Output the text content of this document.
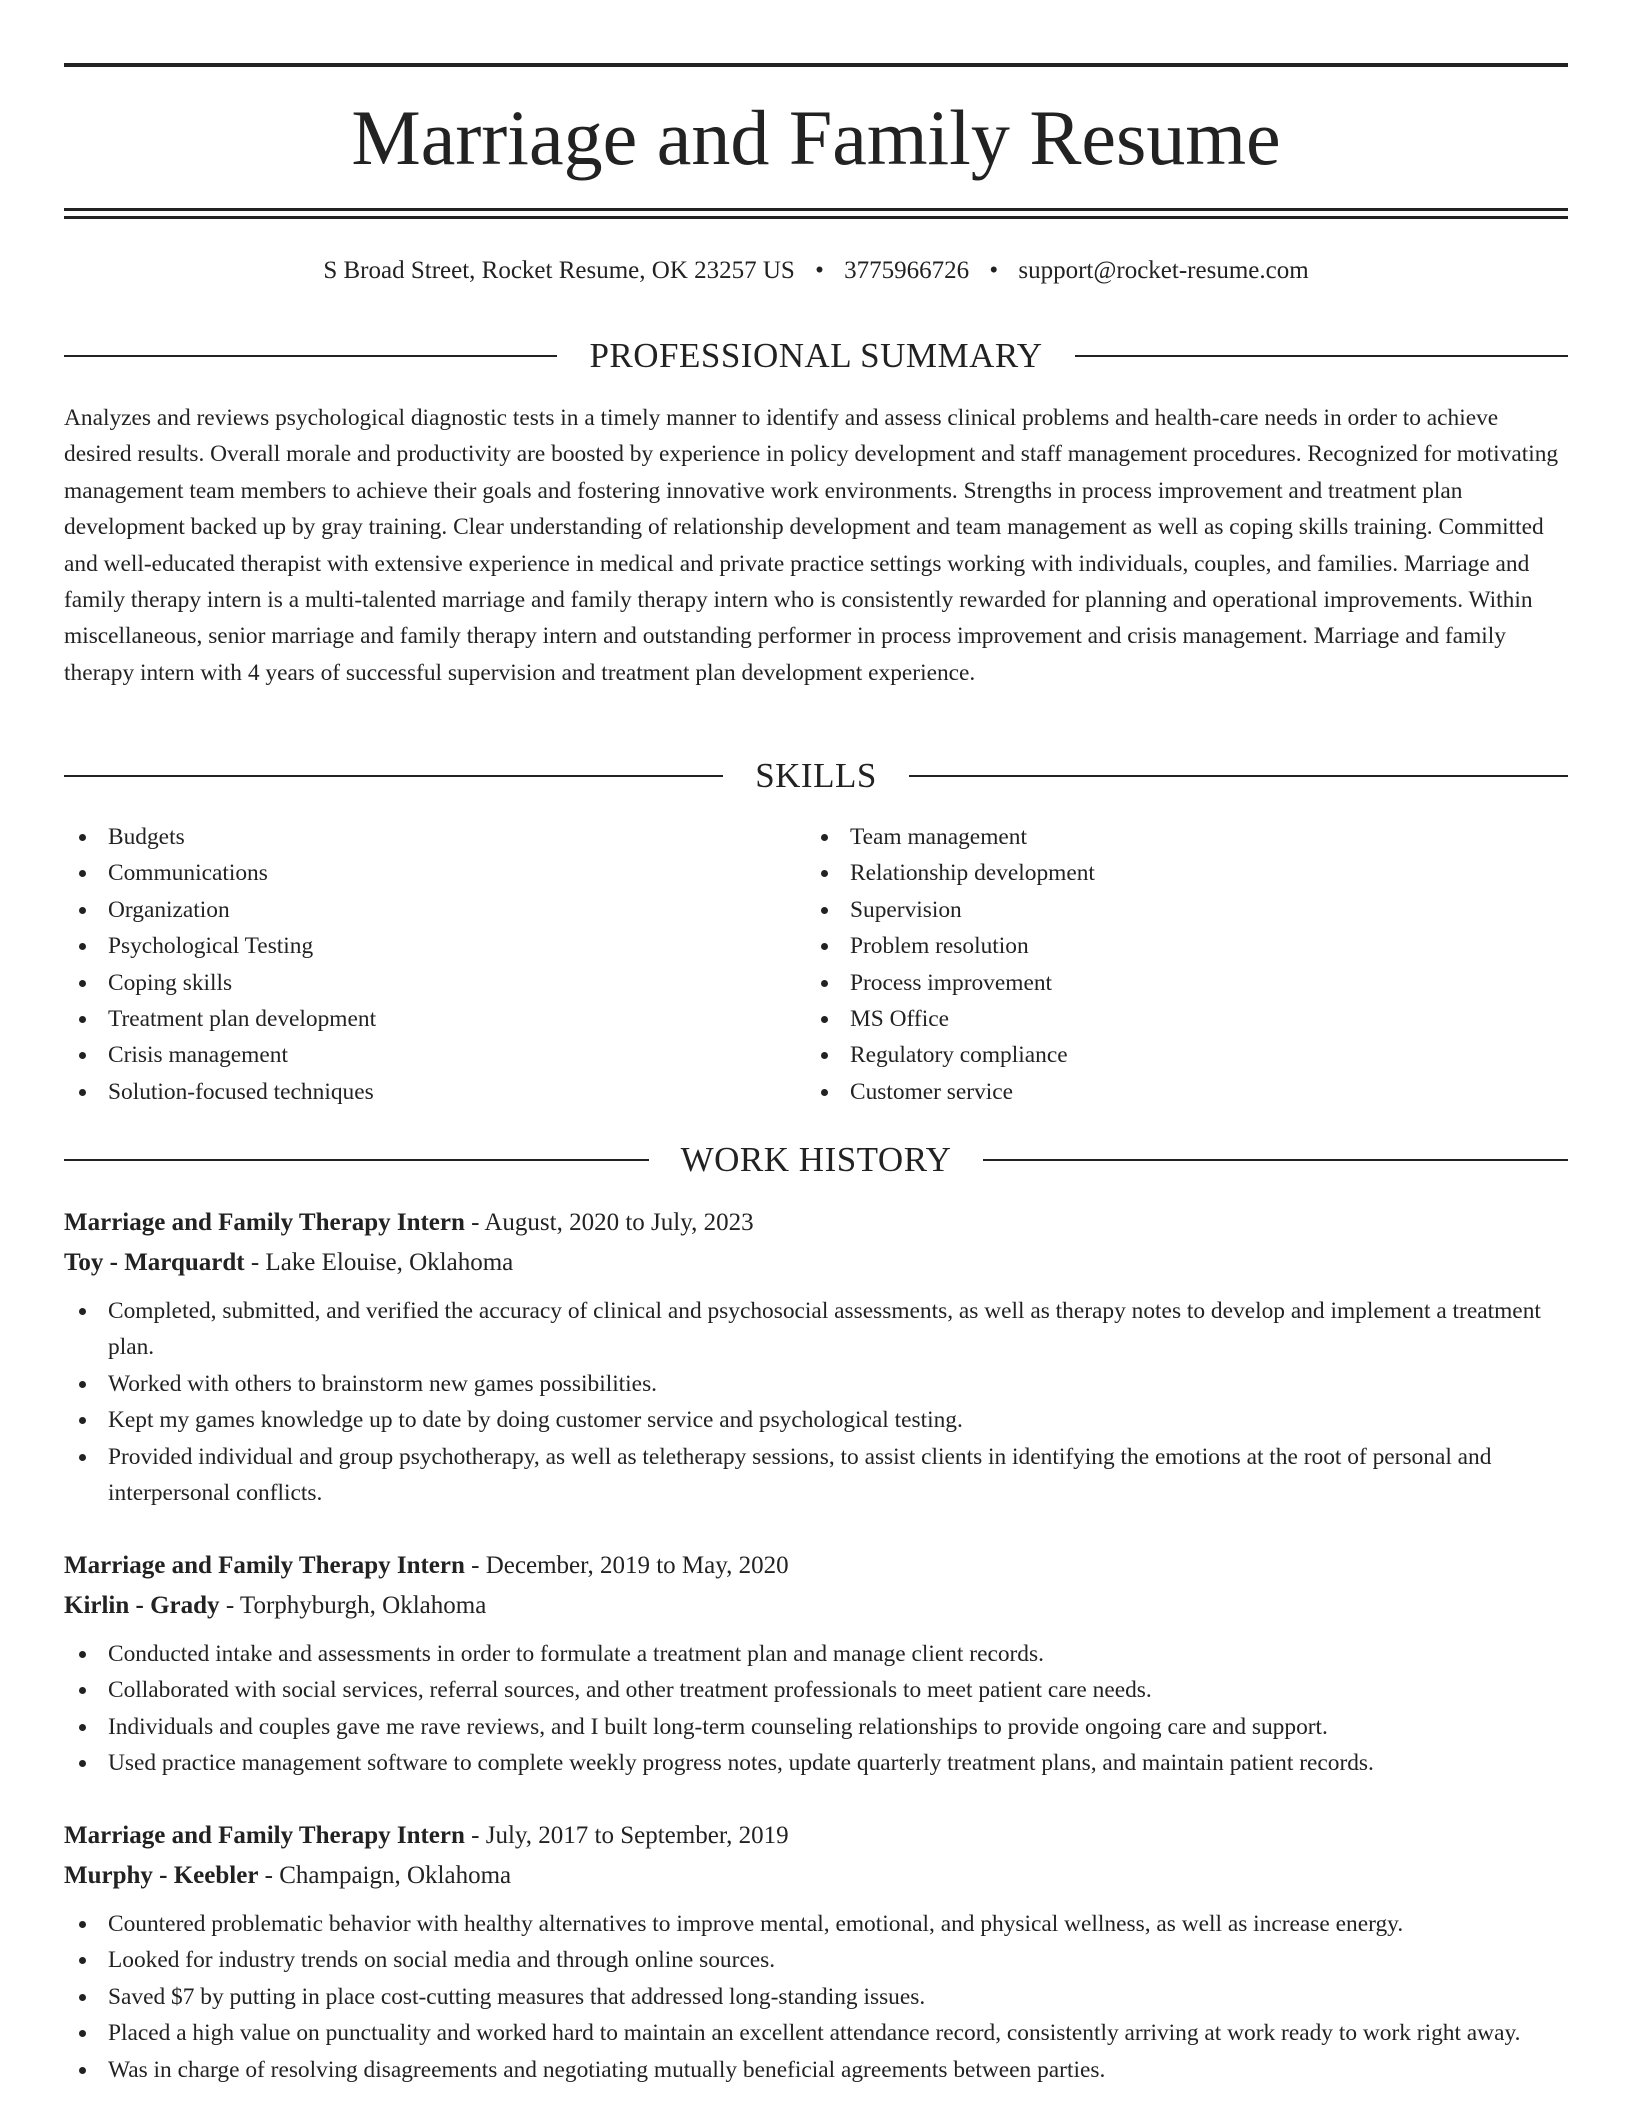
Marriage and Family Resume
S Broad Street, Rocket Resume, OK 23257 US • 3775966726 • support@rocket-resume.com
PROFESSIONAL SUMMARY

Analyzes and reviews psychological diagnostic tests in a timely manner to identify and assess clinical problems and health-care needs in order to achieve desired results. Overall morale and productivity are boosted by experience in policy development and staff management procedures. Recognized for motivating management team members to achieve their goals and fostering innovative work environments. Strengths in process improvement and treatment plan development backed up by gray training. Clear understanding of relationship development and team management as well as coping skills training. Committed and well-educated therapist with extensive experience in medical and private practice settings working with individuals, couples, and families. Marriage and family therapy intern is a multi-talented marriage and family therapy intern who is consistently rewarded for planning and operational improvements. Within miscellaneous, senior marriage and family therapy intern and outstanding performer in process improvement and crisis management. Marriage and family therapy intern with 4 years of successful supervision and treatment plan development experience.

SKILLS
Budgets
Communications
Organization
Psychological Testing
Coping skills
Treatment plan development
Crisis management
Solution-focused techniques
Team management
Relationship development
Supervision
Problem resolution
Process improvement
MS Office
Regulatory compliance
Customer service
WORK HISTORY

Marriage and Family Therapy Intern - August, 2020 to July, 2023

Toy - Marquardt - Lake Elouise, Oklahoma

Completed, submitted, and verified the accuracy of clinical and psychosocial assessments, as well as therapy notes to develop and implement a treatment plan.
Worked with others to brainstorm new games possibilities.
Kept my games knowledge up to date by doing customer service and psychological testing.
Provided individual and group psychotherapy, as well as teletherapy sessions, to assist clients in identifying the emotions at the root of personal and interpersonal conflicts.

Marriage and Family Therapy Intern - December, 2019 to May, 2020

Kirlin - Grady - Torphyburgh, Oklahoma

Conducted intake and assessments in order to formulate a treatment plan and manage client records.
Collaborated with social services, referral sources, and other treatment professionals to meet patient care needs.
Individuals and couples gave me rave reviews, and I built long-term counseling relationships to provide ongoing care and support.
Used practice management software to complete weekly progress notes, update quarterly treatment plans, and maintain patient records.

Marriage and Family Therapy Intern - July, 2017 to September, 2019

Murphy - Keebler - Champaign, Oklahoma

Countered problematic behavior with healthy alternatives to improve mental, emotional, and physical wellness, as well as increase energy.
Looked for industry trends on social media and through online sources.
Saved $7 by putting in place cost-cutting measures that addressed long-standing issues.
Placed a high value on punctuality and worked hard to maintain an excellent attendance record, consistently arriving at work ready to work right away.
Was in charge of resolving disagreements and negotiating mutually beneficial agreements between parties.
